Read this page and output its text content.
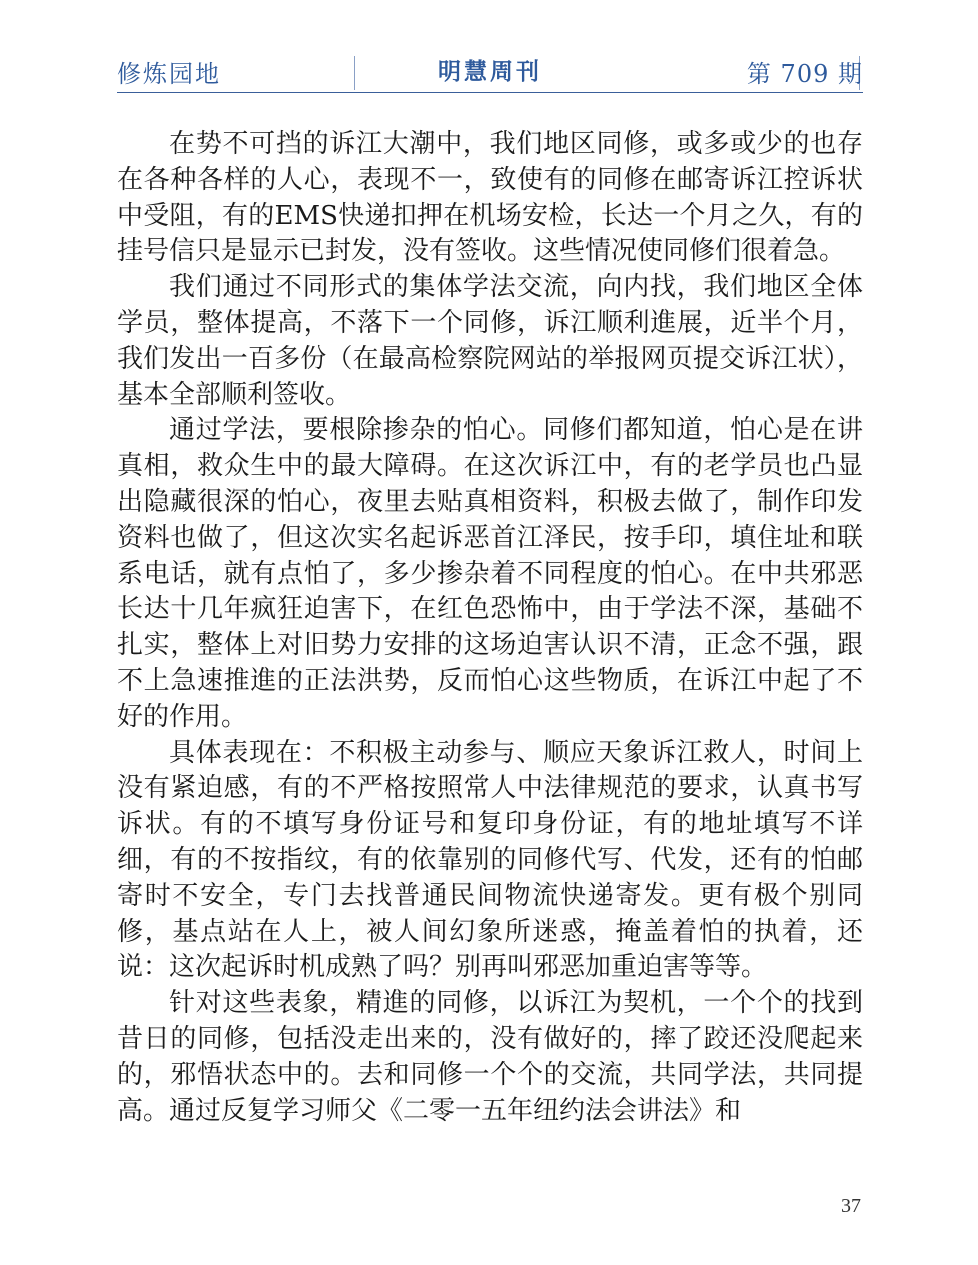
修炼园地	明慧周刊	第 709 期

在势不可挡的诉江大潮中，我们地区同修，或多或少的也存在各种各样的人心，表现不一，致使有的同修在邮寄诉江控诉状中受阻，有的EMS快递扣押在机场安检，长达一个月之久，有的挂号信只是显示已封发，没有签收。这些情况使同修们很着急。

我们通过不同形式的集体学法交流，向内找，我们地区全体学员，整体提高，不落下一个同修，诉江顺利進展，近半个月，我们发出一百多份（在最高检察院网站的举报网页提交诉江状），基本全部顺利签收。

通过学法，要根除掺杂的怕心。同修们都知道，怕心是在讲真相，救众生中的最大障碍。在这次诉江中，有的老学员也凸显出隐藏很深的怕心，夜里去贴真相资料，积极去做了，制作印发资料也做了，但这次实名起诉恶首江泽民，按手印，填住址和联系电话，就有点怕了，多少掺杂着不同程度的怕心。在中共邪恶长达十几年疯狂迫害下，在红色恐怖中，由于学法不深，基础不扎实，整体上对旧势力安排的这场迫害认识不清，正念不强，跟不上急速推進的正法洪势，反而怕心这些物质，在诉江中起了不好的作用。

具体表现在：不积极主动参与、顺应天象诉江救人，时间上没有紧迫感，有的不严格按照常人中法律规范的要求，认真书写诉状。有的不填写身份证号和复印身份证，有的地址填写不详细，有的不按指纹，有的依靠别的同修代写、代发，还有的怕邮寄时不安全，专门去找普通民间物流快递寄发。更有极个别同修，基点站在人上，被人间幻象所迷惑，掩盖着怕的执着，还说：这次起诉时机成熟了吗？别再叫邪恶加重迫害等等。

针对这些表象，精進的同修，以诉江为契机，一个个的找到昔日的同修，包括没走出来的，没有做好的，摔了跤还没爬起来的，邪悟状态中的。去和同修一个个的交流，共同学法，共同提高。通过反复学习师父《二零一五年纽约法会讲法》和

37
